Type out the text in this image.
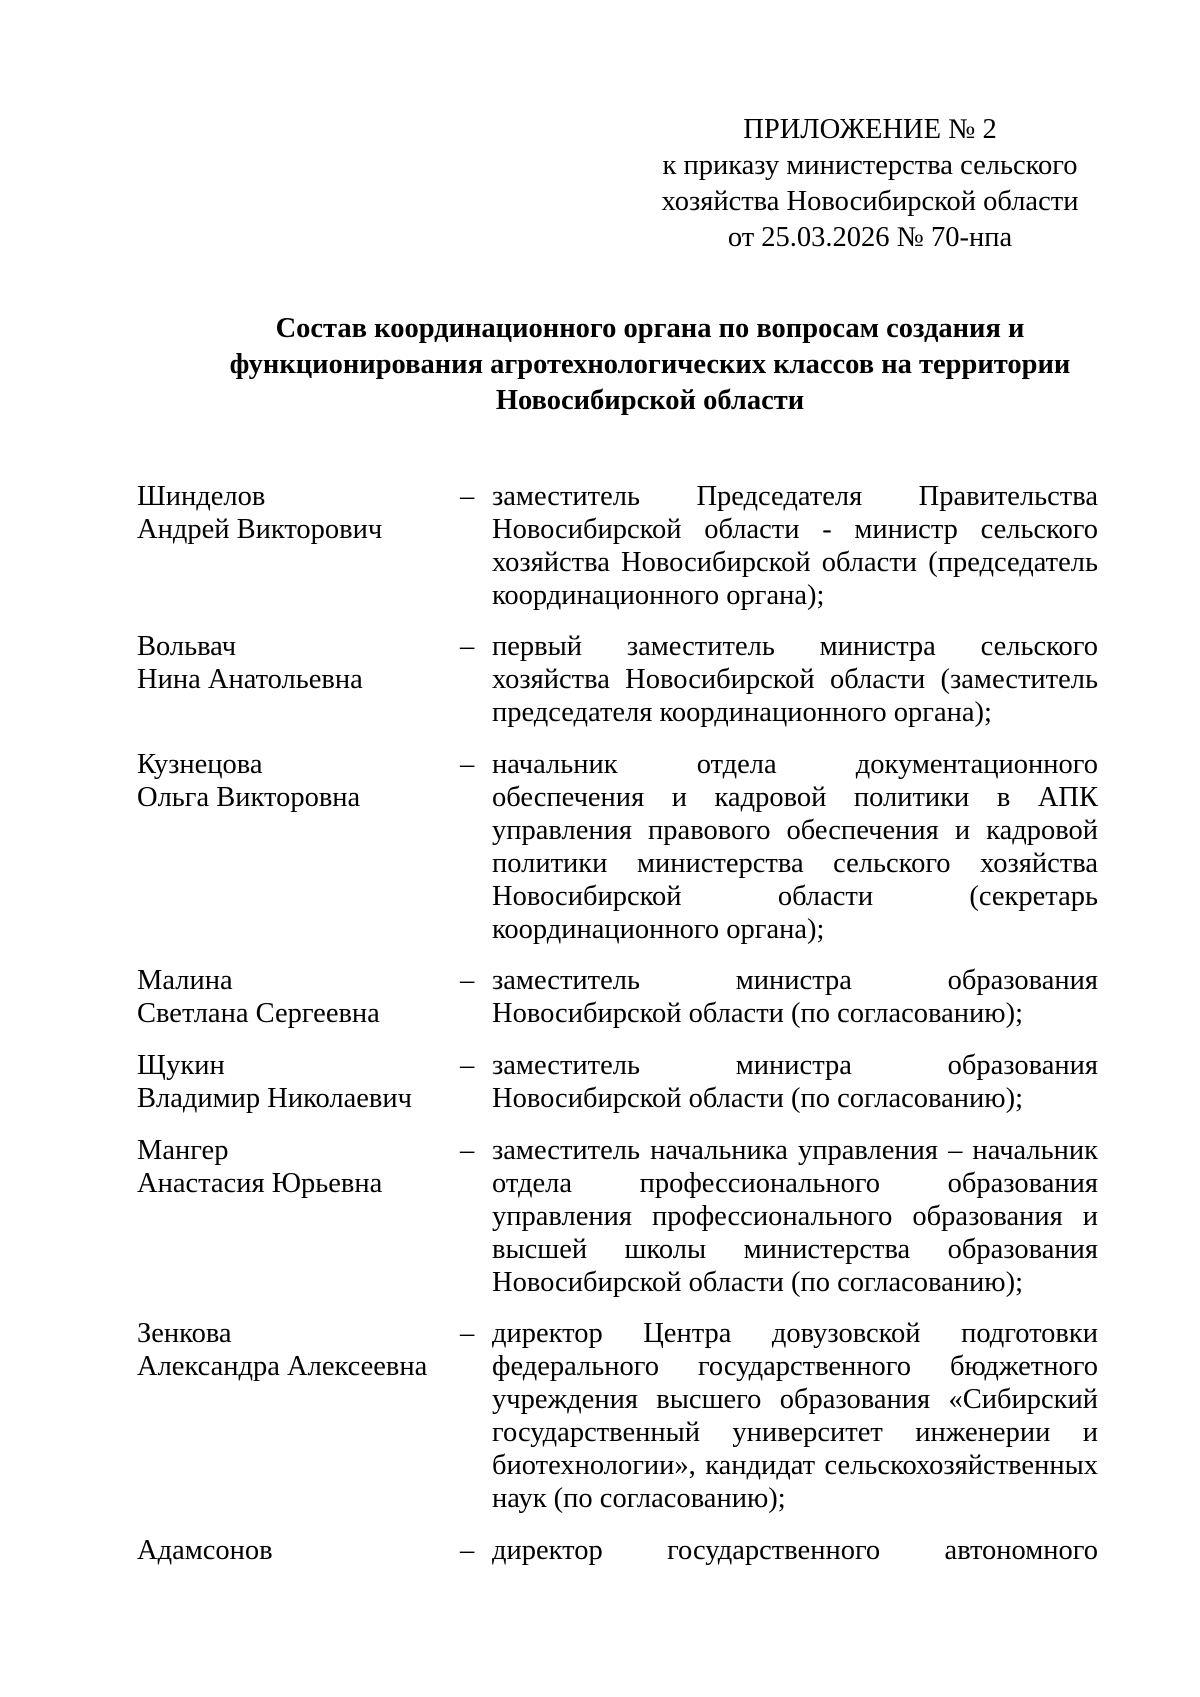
ПРИЛОЖЕНИЕ № 2
к приказу министерства сельского
хозяйства Новосибирской области
от 25.03.2026 № 70-нпа
Состав координационного органа по вопросам создания и
функционирования агротехнологических классов на территории
Новосибирской области
Шинделов
Андрей Викторович
– заместитель Председателя Правительства
Новосибирской области - министр сельского
хозяйства Новосибирской области (председатель
координационного органа);
Вольвач
Нина Анатольевна
– первый заместитель министра сельского
хозяйства Новосибирской области (заместитель
председателя координационного органа);
Кузнецова
Ольга Викторовна
– начальник отдела документационного
обеспечения и кадровой политики в АПК
управления правового обеспечения и кадровой
политики министерства сельского хозяйства
Новосибирской области (секретарь
координационного органа);
Малина
Светлана Сергеевна
– заместитель министра образования
Новосибирской области (по согласованию);
Щукин
Владимир Николаевич
– заместитель министра образования
Новосибирской области (по согласованию);
Мангер
Анастасия Юрьевна
– заместитель начальника управления – начальник
отдела профессионального образования
управления профессионального образования и
высшей школы министерства образования
Новосибирской области (по согласованию);
Зенкова
Александра Алексеевна
– директор Центра довузовской подготовки
федерального государственного бюджетного
учреждения высшего образования «Сибирский
государственный университет инженерии и
биотехнологии», кандидат сельскохозяйственных
наук (по согласованию);
Адамсонов	– директор государственного автономного
